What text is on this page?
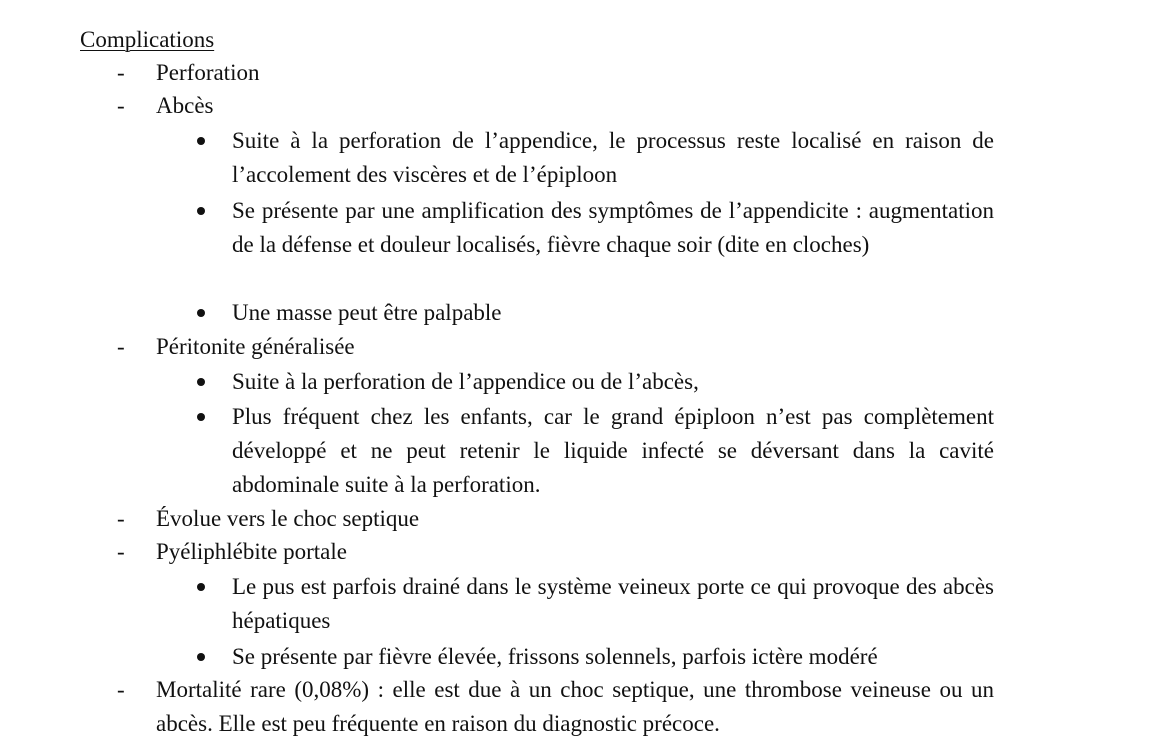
Complications
- Perforation
- Abcès
Suite à la perforation de l’appendice, le processus reste localisé en raison de l’accolement des viscères et de l’épiploon
Se présente par une amplification des symptômes de l’appendicite : augmentation de la défense et douleur localisés, fièvre chaque soir (dite en cloches)
Une masse peut être palpable
- Péritonite généralisée
Suite à la perforation de l’appendice ou de l’abcès,
Plus fréquent chez les enfants, car le grand épiploon n’est pas complètement développé et ne peut retenir le liquide infecté se déversant dans la cavité abdominale suite à la perforation.
- Évolue vers le choc septique
- Pyéliphlébite portale
Le pus est parfois drainé dans le système veineux porte ce qui provoque des abcès hépatiques
Se présente par fièvre élevée, frissons solennels, parfois ictère modéré
- Mortalité rare (0,08%) : elle est due à un choc septique, une thrombose veineuse ou un abcès. Elle est peu fréquente en raison du diagnostic précoce.
